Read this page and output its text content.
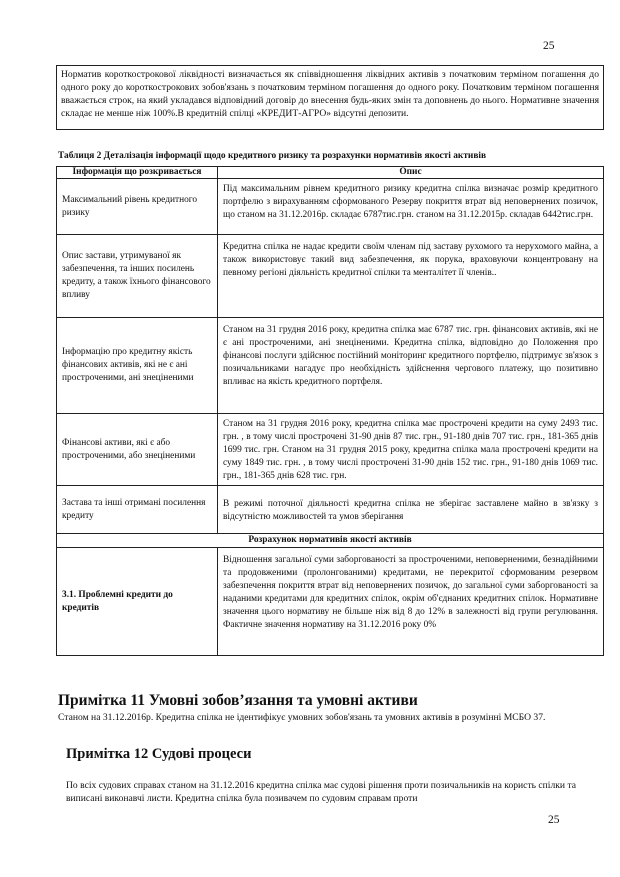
25
Норматив короткострокової ліквідності визначається як співвідношення ліквідних активів з початковим терміном погашення до одного року до короткострокових зобов'язань з початковим терміном погашення до одного року. Початковим терміном погашення вважається строк, на який укладався відповідний договір до внесення будь-яких змін та доповнень до нього. Нормативне значення складає не менше ніж 100%.В кредитній спілці «КРЕДИТ-АГРО» відсутні депозити.
Таблиця 2 Деталізація інформації щодо кредитного ризику та розрахунки нормативів якості активів
Інформація що розкривається	Опис
Максимальний рівень кредитного ризику	Під максимальним рівнем кредитного ризику кредитна спілка визначає розмір кредитного портфелю з вирахуванням сформованого Резерву покриття втрат від неповернених позичок, що станом на 31.12.2016р. складає 6787тис.грн. станом на 31.12.2015р. складав 6442тис.грн.
Опис застави, утримуваної як забезпечення, та інших посилень кредиту, а також їхнього фінансового впливу	Кредитна спілка не надає кредити своїм членам під заставу рухомого та нерухомого майна, а також використовує такий вид забезпечення, як порука, враховуючи концентровану на певному регіоні діяльність кредитної спілки та менталітет її членів..
Інформацію про кредитну якість фінансових активів, які не є ані простроченими, ані знеціненими	Станом на 31 грудня 2016 року, кредитна спілка має 6787 тис. грн. фінансових активів, які не є ані простроченими, ані знеціненими. Кредитна спілка, відповідно до Положення про фінансові послуги здійснює постійний моніторинг кредитного портфелю, підтримує зв'язок з позичальниками нагадує про необхідність здійснення чергового платежу, що позитивно впливає на якість кредитного портфеля.
Фінансові активи, які є або простроченими, або знеціненими	Станом на 31 грудня 2016 року, кредитна спілка має прострочені кредити на суму 2493 тис. грн. , в тому числі прострочені 31-90 днів 87 тис. грн., 91-180 днів 707 тис. грн., 181-365 днів 1699 тис. грн. Станом на 31 грудня 2015 року, кредитна спілка мала прострочені кредити на суму 1849 тис. грн. , в тому числі прострочені 31-90 днів 152 тис. грн., 91-180 днів 1069 тис. грн., 181-365 днів 628 тис. грн.
Застава та інші отримані посилення кредиту	В режимі поточної діяльності кредитна спілка не зберігає заставлене майно в зв'язку з відсутністю можливостей та умов зберігання
Розрахунок нормативів якості активів	
3.1. Проблемні кредити до кредитів	Відношення загальної суми заборгованості за простроченими, неповерненими, безнадійними та продовженими (пролонгованими) кредитами, не перекритої сформованим резервом забезпечення покриття втрат від неповернених позичок, до загальної суми заборгованості за наданими кредитами для кредитних спілок, окрім об'єднаних кредитних спілок. Нормативне значення цього нормативу не більше ніж від 8 до 12% в залежності від групи регулювання. Фактичне значення нормативу на 31.12.2016 року 0%
Примітка 11 Умовні зобов’язання та умовні активи
Станом на 31.12.2016р. Кредитна спілка не ідентифікує умовних зобов'язань та умовних активів в розумінні МСБО 37.
Примітка 12 Судові процеси
По всіх судових справах станом на 31.12.2016 кредитна спілка має судові рішення проти позичальників на користь спілки та виписані виконавчі листи. Кредитна спілка була позивачем по судовим справам проти
25
